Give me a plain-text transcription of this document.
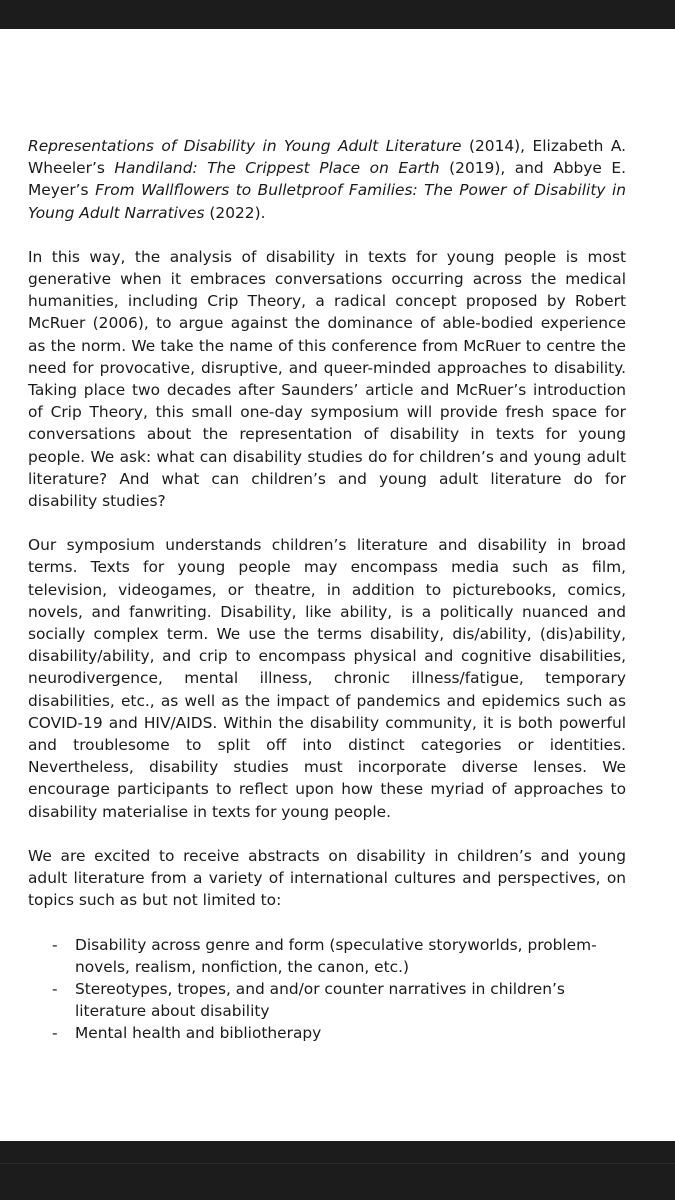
Representations of Disability in Young Adult Literature (2014), Elizabeth A. Wheeler’s Handiland: The Crippest Place on Earth (2019), and Abbye E. Meyer’s From Wallflowers to Bulletproof Families: The Power of Disability in Young Adult Narratives (2022).

In this way, the analysis of disability in texts for young people is most generative when it embraces conversations occurring across the medical humanities, including Crip Theory, a radical concept proposed by Robert McRuer (2006), to argue against the dominance of able-bodied experience as the norm. We take the name of this conference from McRuer to centre the need for provocative, disruptive, and queer-minded approaches to disability. Taking place two decades after Saunders’ article and McRuer’s introduction of Crip Theory, this small one-day symposium will provide fresh space for conversations about the representation of disability in texts for young people. We ask: what can disability studies do for children’s and young adult literature? And what can children’s and young adult literature do for disability studies?

Our symposium understands children’s literature and disability in broad terms. Texts for young people may encompass media such as film, television, videogames, or theatre, in addition to picturebooks, comics, novels, and fanwriting. Disability, like ability, is a politically nuanced and socially complex term. We use the terms disability, dis/ability, (dis)ability, disability/ability, and crip to encompass physical and cognitive disabilities, neurodivergence, mental illness, chronic illness/fatigue, temporary disabilities, etc., as well as the impact of pandemics and epidemics such as COVID-19 and HIV/AIDS. Within the disability community, it is both powerful and troublesome to split off into distinct categories or identities. Nevertheless, disability studies must incorporate diverse lenses. We encourage participants to reflect upon how these myriad of approaches to disability materialise in texts for young people.

We are excited to receive abstracts on disability in children’s and young adult literature from a variety of international cultures and perspectives, on topics such as but not limited to:

- Disability across genre and form (speculative storyworlds, problem-novels, realism, nonfiction, the canon, etc.)
- Stereotypes, tropes, and and/or counter narratives in children’s literature about disability
- Mental health and bibliotherapy
